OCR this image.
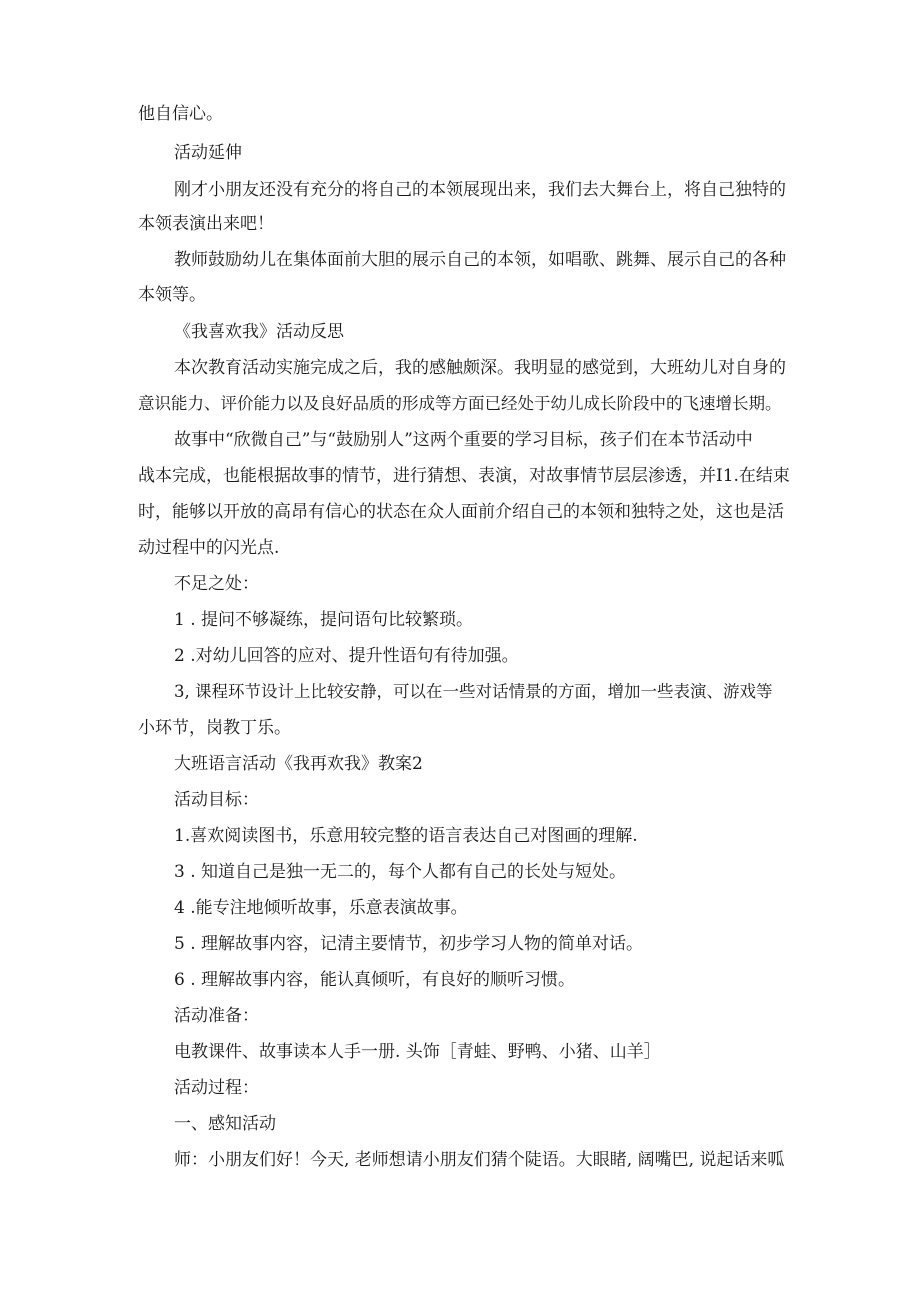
他自信心。
活动延伸
刚才小朋友还没有充分的将自己的本领展现出来，我们去大舞台上，将自己独特的
本领表演出来吧！
教师鼓励幼儿在集体面前大胆的展示自己的本领，如唱歌、跳舞、展示自己的各种
本领等。
《我喜欢我》活动反思
本次教育活动实施完成之后，我的感触颇深。我明显的感觉到，大班幼儿对自身的
意识能力、评价能力以及良好品质的形成等方面已经处于幼儿成长阶段中的飞速增长期。
故事中“欣微自己”与“鼓励别人”这两个重要的学习目标，孩子们在本节活动中
战本完成，也能根据故事的情节，进行猜想、表演，对故事情节层层渗透，并I1.在结束
时，能够以开放的高昂有信心的状态在众人面前介绍自己的本领和独特之处，这也是活
动过程中的闪光点.
不足之处：
1 . 提问不够凝练，提问语句比较繁琐。
2 .对幼儿回答的应对、提升性语句有待加强。
3, 课程环节设计上比较安静，可以在一些对话情景的方面，增加一些表演、游戏等
小环节，岗教丁乐。
大班语言活动《我再欢我》教案2
活动目标：
1.喜欢阅读图书，乐意用较完整的语言表达自己对图画的理解.
3 . 知道自己是独一无二的，每个人都有自己的长处与短处。
4 .能专注地倾听故事，乐意表演故事。
5 . 理解故事内容，记清主要情节，初步学习人物的简单对话。
6 . 理解故事内容，能认真倾听，有良好的顺听习惯。
活动准备：
电教课件、故事读本人手一册. 头饰［青蛙、野鸭、小猪、山羊］
活动过程：
一、感知活动
师：小朋友们好！今天, 老师想请小朋友们猜个陡语。大眼睹, 阔嘴巴, 说起话来呱
